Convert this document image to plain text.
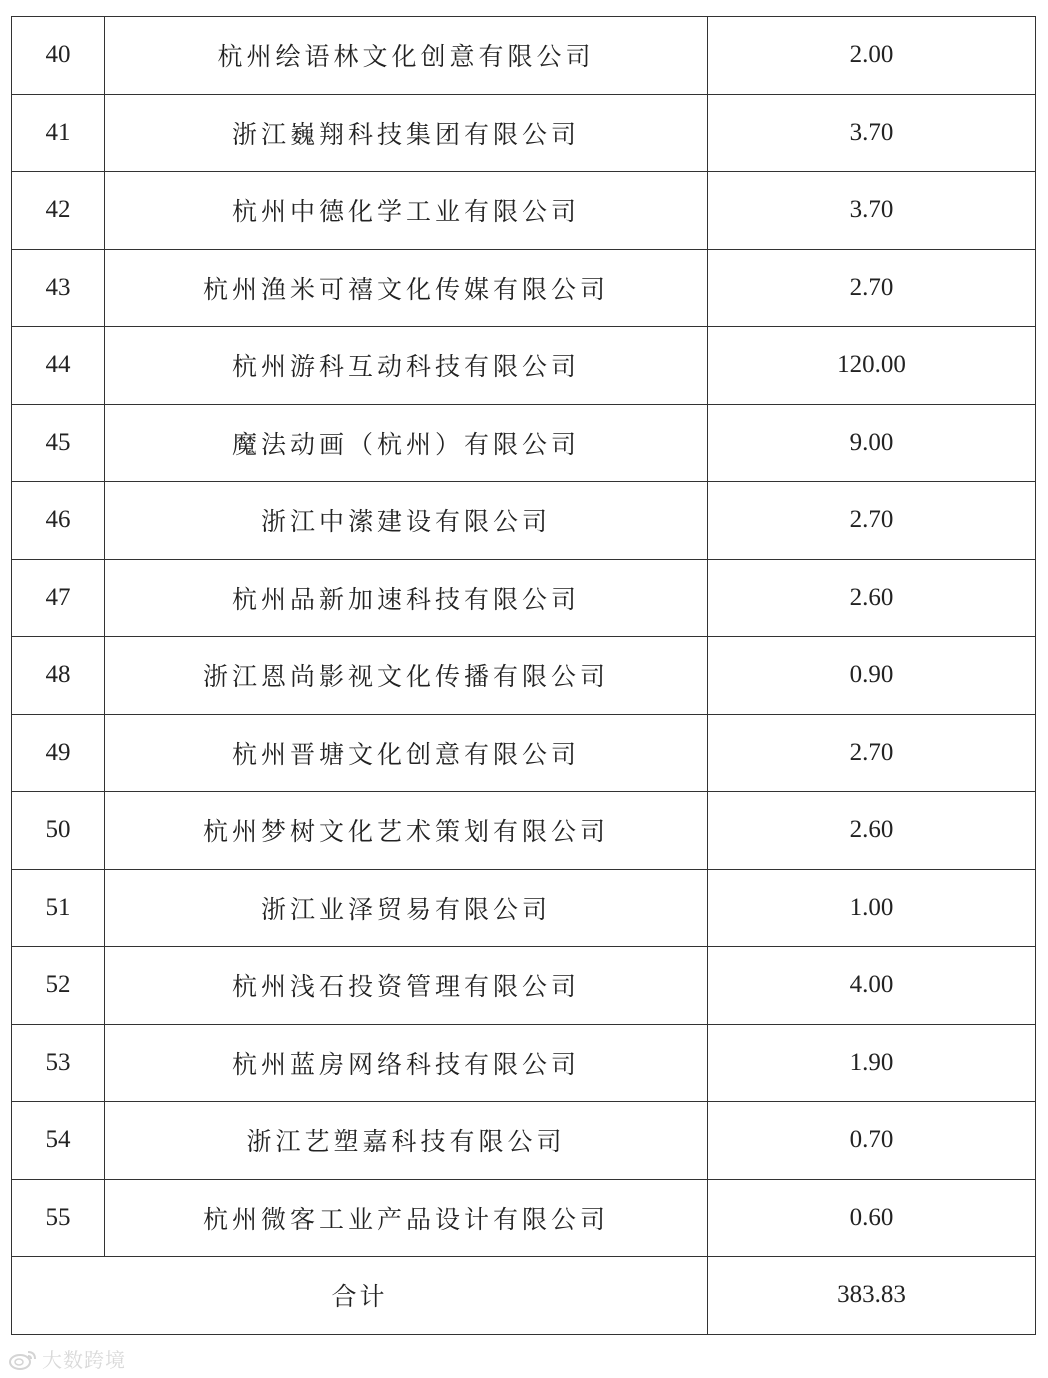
40	杭州绘语林文化创意有限公司	2.00
41	浙江巍翔科技集团有限公司	3.70
42	杭州中德化学工业有限公司	3.70
43	杭州渔米可禧文化传媒有限公司	2.70
44	杭州游科互动科技有限公司	120.00
45	魔法动画（杭州）有限公司	9.00
46	浙江中潆建设有限公司	2.70
47	杭州品新加速科技有限公司	2.60
48	浙江恩尚影视文化传播有限公司	0.90
49	杭州晋塘文化创意有限公司	2.70
50	杭州梦树文化艺术策划有限公司	2.60
51	浙江业泽贸易有限公司	1.00
52	杭州浅石投资管理有限公司	4.00
53	杭州蓝房网络科技有限公司	1.90
54	浙江艺塑嘉科技有限公司	0.70
55	杭州微客工业产品设计有限公司	0.60
合计		383.83
大数跨境
